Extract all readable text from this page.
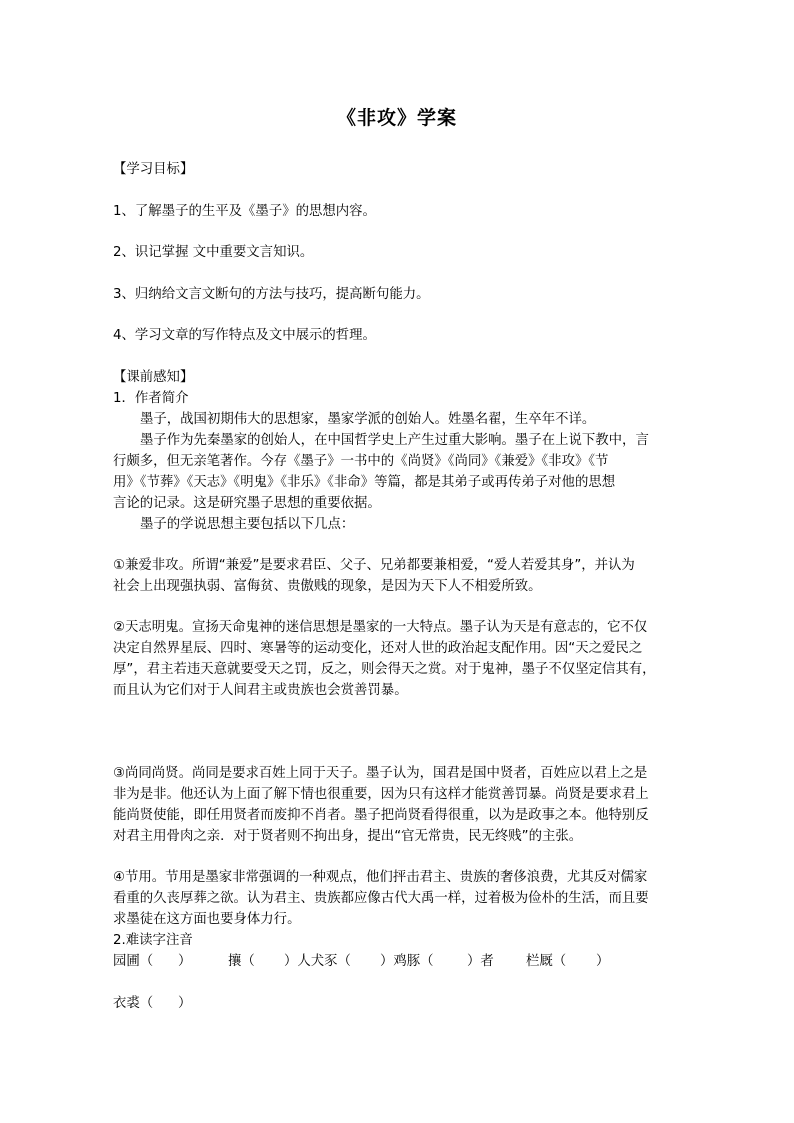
《非攻》学案
【学习目标】
1、了解墨子的生平及《墨子》的思想内容。
2、识记掌握 文中重要文言知识。
3、归纳给文言文断句的方法与技巧，提高断句能力。
4、学习文章的写作特点及文中展示的哲理。
【课前感知】
1．作者简介
墨子，战国初期伟大的思想家，墨家学派的创始人。姓墨名翟，生卒年不详。
墨子作为先秦墨家的创始人，在中国哲学史上产生过重大影响。墨子在上说下教中，言
行颇多，但无亲笔著作。今存《墨子》一书中的《尚贤》《尚同》《兼爱》《非攻》《节
用》《节葬》《天志》《明鬼》《非乐》《非命》等篇，都是其弟子或再传弟子对他的思想
言论的记录。这是研究墨子思想的重要依据。
墨子的学说思想主要包括以下几点：
①兼爱非攻。所谓“兼爱”是要求君臣、父子、兄弟都要兼相爱，“爱人若爱其身”，并认为
社会上出现强执弱、富侮贫、贵傲贱的现象，是因为天下人不相爱所致。
②天志明鬼。宣扬天命鬼神的迷信思想是墨家的一大特点。墨子认为天是有意志的，它不仅
决定自然界星辰、四时、寒暑等的运动变化，还对人世的政治起支配作用。因“天之爱民之
厚”，君主若违天意就要受天之罚，反之，则会得天之赏。对于鬼神，墨子不仅坚定信其有，
而且认为它们对于人间君主或贵族也会赏善罚暴。
③尚同尚贤。尚同是要求百姓上同于天子。墨子认为，国君是国中贤者，百姓应以君上之是
非为是非。他还认为上面了解下情也很重要，因为只有这样才能赏善罚暴。尚贤是要求君上
能尚贤使能，即任用贤者而废抑不肖者。墨子把尚贤看得很重，以为是政事之本。他特别反
对君主用骨肉之亲．对于贤者则不拘出身，提出“官无常贵，民无终贱”的主张。
④节用。节用是墨家非常强调的一种观点，他们抨击君主、贵族的奢侈浪费，尤其反对儒家
看重的久丧厚葬之欲。认为君主、贵族都应像古代大禹一样，过着极为俭朴的生活，而且要
求墨徒在这方面也要身体力行。
2.难读字注音
园圃（ ）	攘（ ）人犬豕（ ）鸡豚（ ）者 栏厩（ ）
衣裘（ ）
